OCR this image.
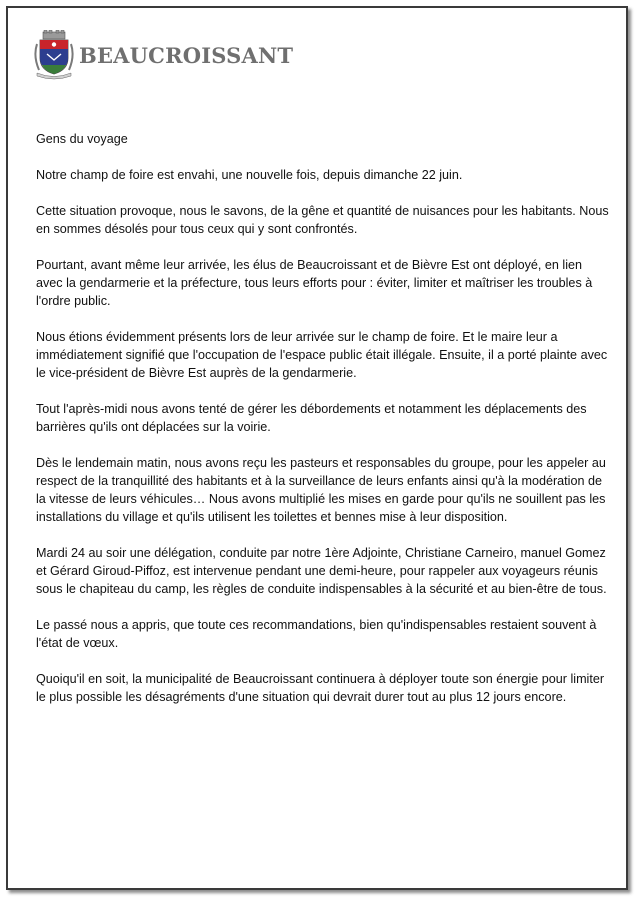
BEAUCROISSANT

Gens du voyage

Notre champ de foire est envahi, une nouvelle fois, depuis dimanche 22 juin.

Cette situation provoque, nous le savons, de la gêne et quantité de nuisances pour les habitants. Nous en sommes désolés pour tous ceux qui y sont confrontés.

Pourtant, avant même leur arrivée, les élus de Beaucroissant et de Bièvre Est ont déployé, en lien avec la gendarmerie et la préfecture, tous leurs efforts pour : éviter, limiter et maîtriser les troubles à l'ordre public.

Nous étions évidemment présents lors de leur arrivée sur le champ de foire. Et le maire leur a immédiatement signifié que l'occupation de l'espace public était illégale. Ensuite, il a porté plainte avec le vice-président de Bièvre Est auprès de la gendarmerie.

Tout l'après-midi nous avons tenté de gérer les débordements et notamment les déplacements des barrières qu'ils ont déplacées sur la voirie.

Dès le lendemain matin, nous avons reçu les pasteurs et responsables du groupe, pour les appeler au respect de la tranquillité des habitants et à la surveillance de leurs enfants ainsi qu'à la modération de la vitesse de leurs véhicules… Nous avons multiplié les mises en garde pour qu'ils ne souillent pas les installations du village et qu'ils utilisent les toilettes et bennes mise à leur disposition.

Mardi 24 au soir une délégation, conduite par notre 1ère Adjointe, Christiane Carneiro, manuel Gomez et Gérard Giroud-Piffoz, est intervenue pendant une demi-heure, pour rappeler aux voyageurs réunis sous le chapiteau du camp, les règles de conduite indispensables à la sécurité et au bien-être de tous.

Le passé nous a appris, que toute ces recommandations, bien qu'indispensables restaient souvent à l'état de vœux.

Quoiqu'il en soit, la municipalité de Beaucroissant continuera à déployer toute son énergie pour limiter le plus possible les désagréments d'une situation qui devrait durer tout au plus 12 jours encore.
